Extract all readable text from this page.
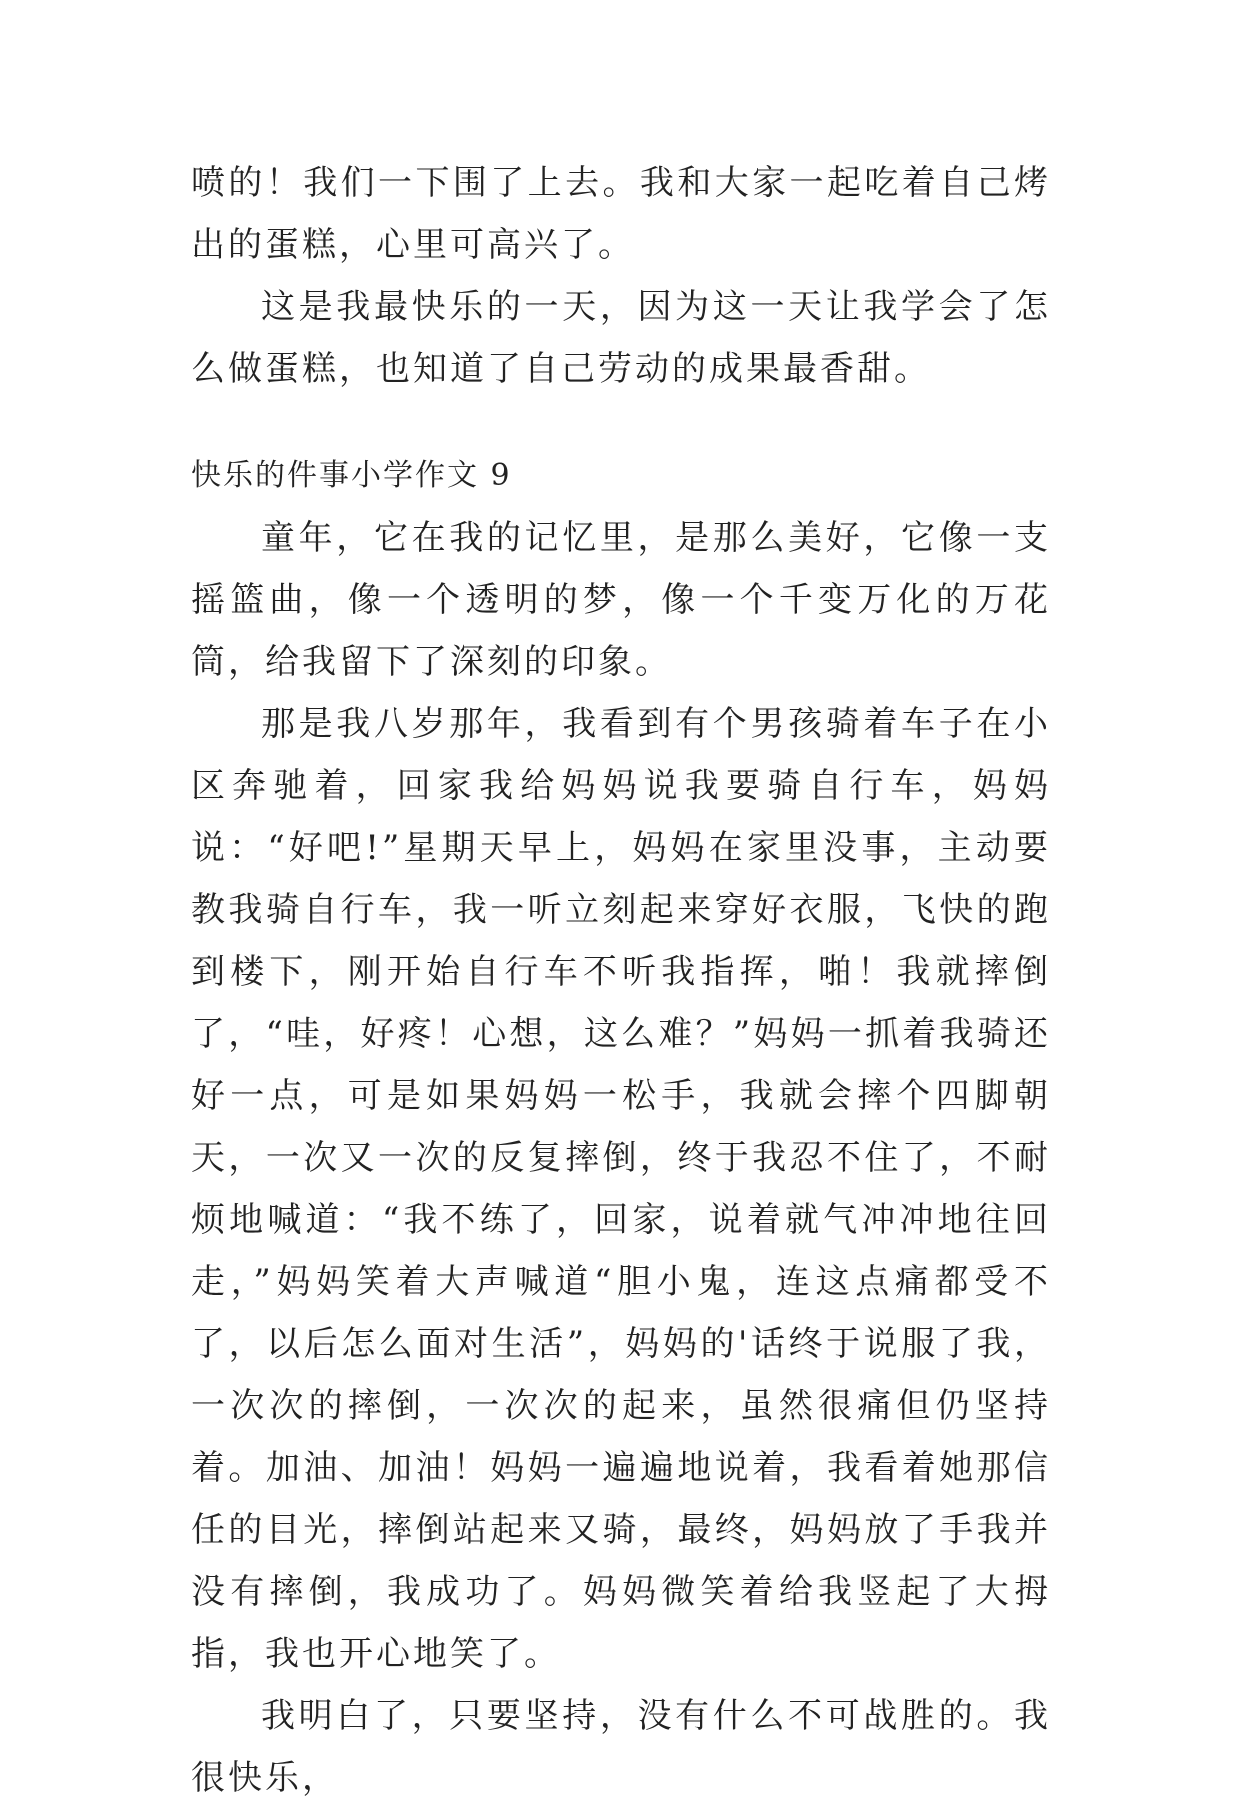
喷的！我们一下围了上去。我和大家一起吃着自己烤出的蛋糕，心里可高兴了。

这是我最快乐的一天，因为这一天让我学会了怎么做蛋糕，也知道了自己劳动的成果最香甜。

快乐的件事小学作文 9

童年，它在我的记忆里，是那么美好，它像一支摇篮曲，像一个透明的梦，像一个千变万化的万花筒，给我留下了深刻的印象。

那是我八岁那年，我看到有个男孩骑着车子在小区奔驰着，回家我给妈妈说我要骑自行车，妈妈说：“好吧!”星期天早上，妈妈在家里没事，主动要教我骑自行车，我一听立刻起来穿好衣服，飞快的跑到楼下，刚开始自行车不听我指挥，啪！我就摔倒了，“哇，好疼！心想，这么难？”妈妈一抓着我骑还好一点，可是如果妈妈一松手，我就会摔个四脚朝天，一次又一次的反复摔倒，终于我忍不住了，不耐烦地喊道：“我不练了，回家，说着就气冲冲地往回走，”妈妈笑着大声喊道“胆小鬼，连这点痛都受不了，以后怎么面对生活”，妈妈的'话终于说服了我，一次次的摔倒，一次次的起来，虽然很痛但仍坚持着。加油、加油！妈妈一遍遍地说着，我看着她那信任的目光，摔倒站起来又骑，最终，妈妈放了手我并没有摔倒，我成功了。妈妈微笑着给我竖起了大拇指，我也开心地笑了。

我明白了，只要坚持，没有什么不可战胜的。我很快乐，
